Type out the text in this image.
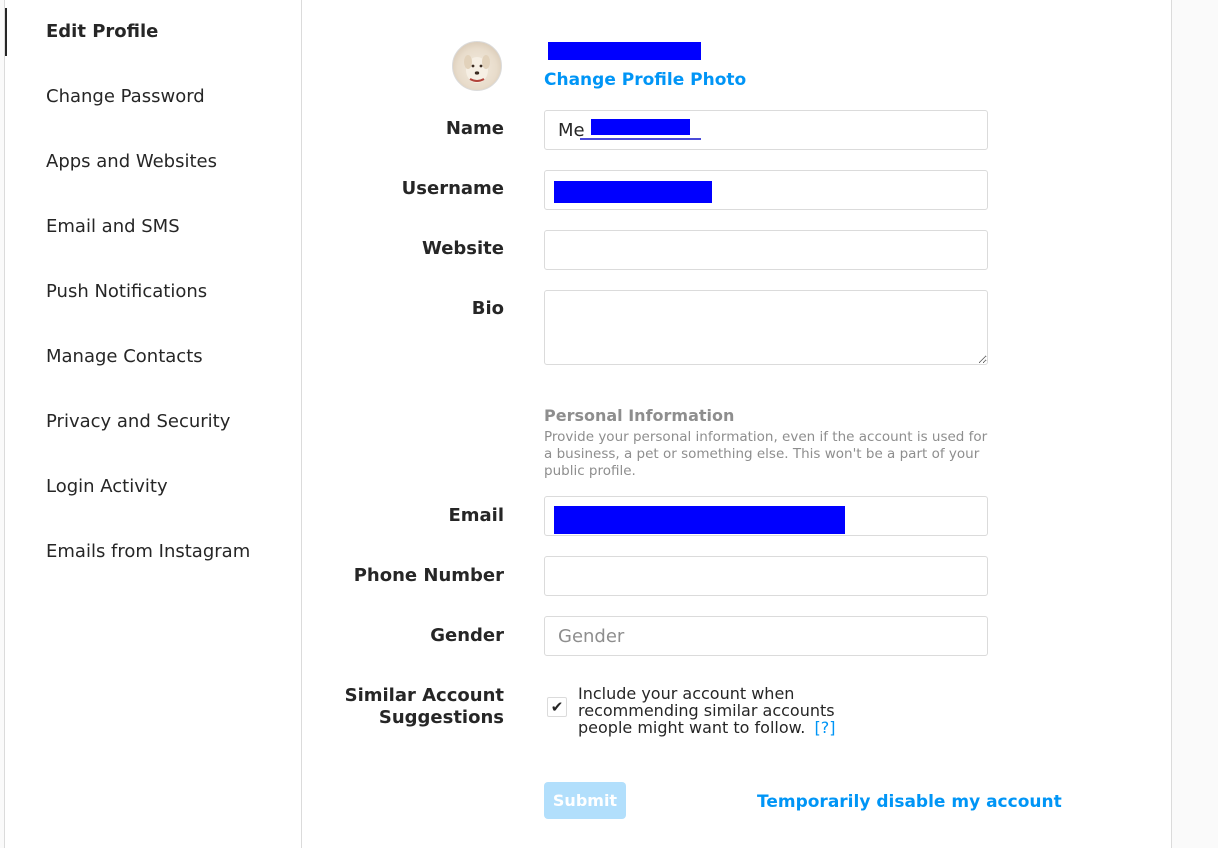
Edit Profile
Change Password
Apps and Websites
Email and SMS
Push Notifications
Manage Contacts
Privacy and Security
Login Activity
Emails from Instagram
Change Profile Photo
Name
Username
Website
Bio
Email
Phone Number
Gender
Similar Account
Suggestions
Me
Personal Information
Provide your personal information, even if the account is used for a business, a pet or something else. This won't be a part of your public profile.
Gender
✔
Include your account when recommending similar accounts people might want to follow. [?]
Submit	Temporarily disable my account
